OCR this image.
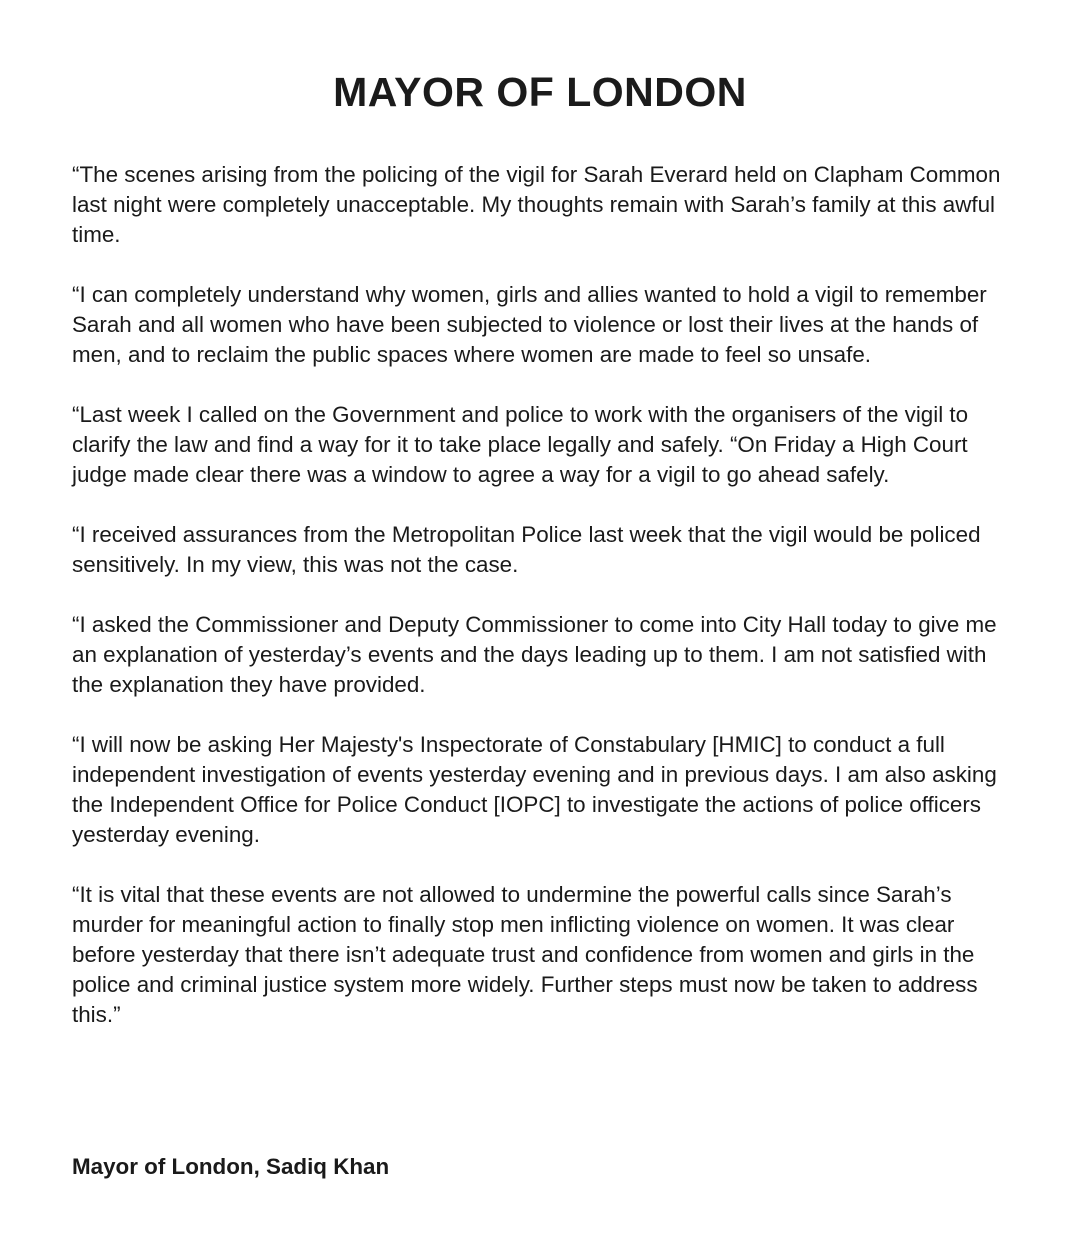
MAYOR OF LONDON

“The scenes arising from the policing of the vigil for Sarah Everard held on Clapham Common last night were completely unacceptable. My thoughts remain with Sarah’s family at this awful time.

“I can completely understand why women, girls and allies wanted to hold a vigil to remember Sarah and all women who have been subjected to violence or lost their lives at the hands of men, and to reclaim the public spaces where women are made to feel so unsafe.

“Last week I called on the Government and police to work with the organisers of the vigil to clarify the law and find a way for it to take place legally and safely. “On Friday a High Court judge made clear there was a window to agree a way for a vigil to go ahead safely.

“I received assurances from the Metropolitan Police last week that the vigil would be policed sensitively. In my view, this was not the case.

“I asked the Commissioner and Deputy Commissioner to come into City Hall today to give me an explanation of yesterday’s events and the days leading up to them. I am not satisfied with the explanation they have provided.

“I will now be asking Her Majesty's Inspectorate of Constabulary [HMIC] to conduct a full independent investigation of events yesterday evening and in previous days. I am also asking the Independent Office for Police Conduct [IOPC] to investigate the actions of police officers yesterday evening.

“It is vital that these events are not allowed to undermine the powerful calls since Sarah’s murder for meaningful action to finally stop men inflicting violence on women. It was clear before yesterday that there isn’t adequate trust and confidence from women and girls in the police and criminal justice system more widely. Further steps must now be taken to address this.”

Mayor of London, Sadiq Khan
